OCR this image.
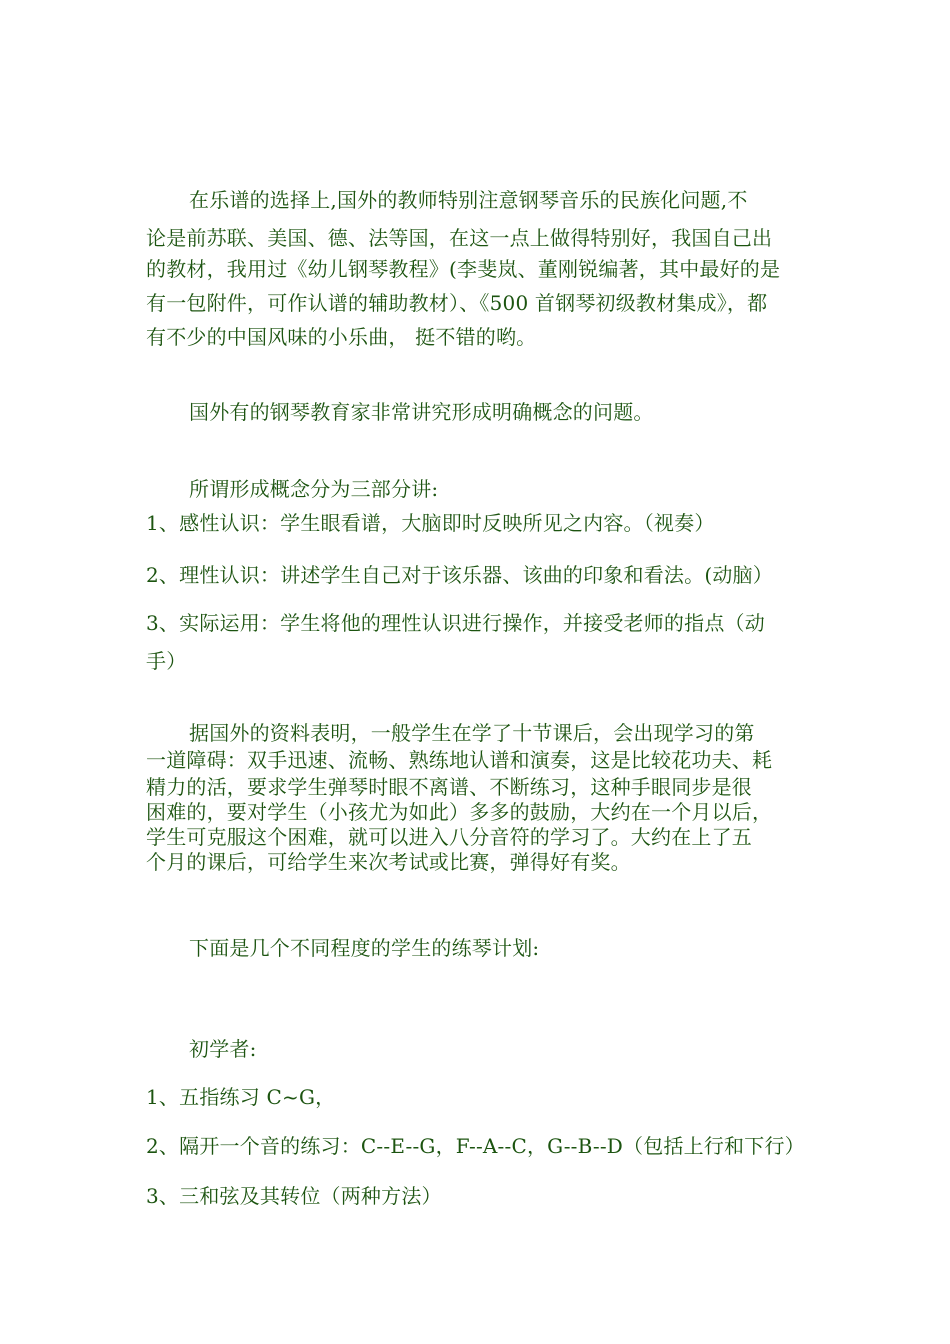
在乐谱的选择上,国外的教师特别注意钢琴音乐的民族化问题,不
论是前苏联、美国、德、法等国，在这一点上做得特别好，我国自己出
的教材，我用过《幼儿钢琴教程》(李斐岚、董刚锐编著，其中最好的是
有一包附件，可作认谱的辅助教材）、《500 首钢琴初级教材集成》，都
有不少的中国风味的小乐曲， 挺不错的哟。
国外有的钢琴教育家非常讲究形成明确概念的问题。
所谓形成概念分为三部分讲:
1、感性认识：学生眼看谱，大脑即时反映所见之内容。（视奏）
2、理性认识：讲述学生自己对于该乐器、该曲的印象和看法。(动脑）
3、实际运用：学生将他的理性认识进行操作，并接受老师的指点（动
手）
据国外的资料表明，一般学生在学了十节课后，会出现学习的第
一道障碍：双手迅速、流畅、熟练地认谱和演奏，这是比较花功夫、耗
精力的活，要求学生弹琴时眼不离谱、不断练习，这种手眼同步是很
困难的，要对学生（小孩尤为如此）多多的鼓励，大约在一个月以后，
学生可克服这个困难，就可以进入八分音符的学习了。大约在上了五
个月的课后，可给学生来次考试或比赛，弹得好有奖。
下面是几个不同程度的学生的练琴计划:
初学者:
1、五指练习 C~G，
2、隔开一个音的练习：C--E--G，F--A--C，G--B--D（包括上行和下行）
3、三和弦及其转位（两种方法）
